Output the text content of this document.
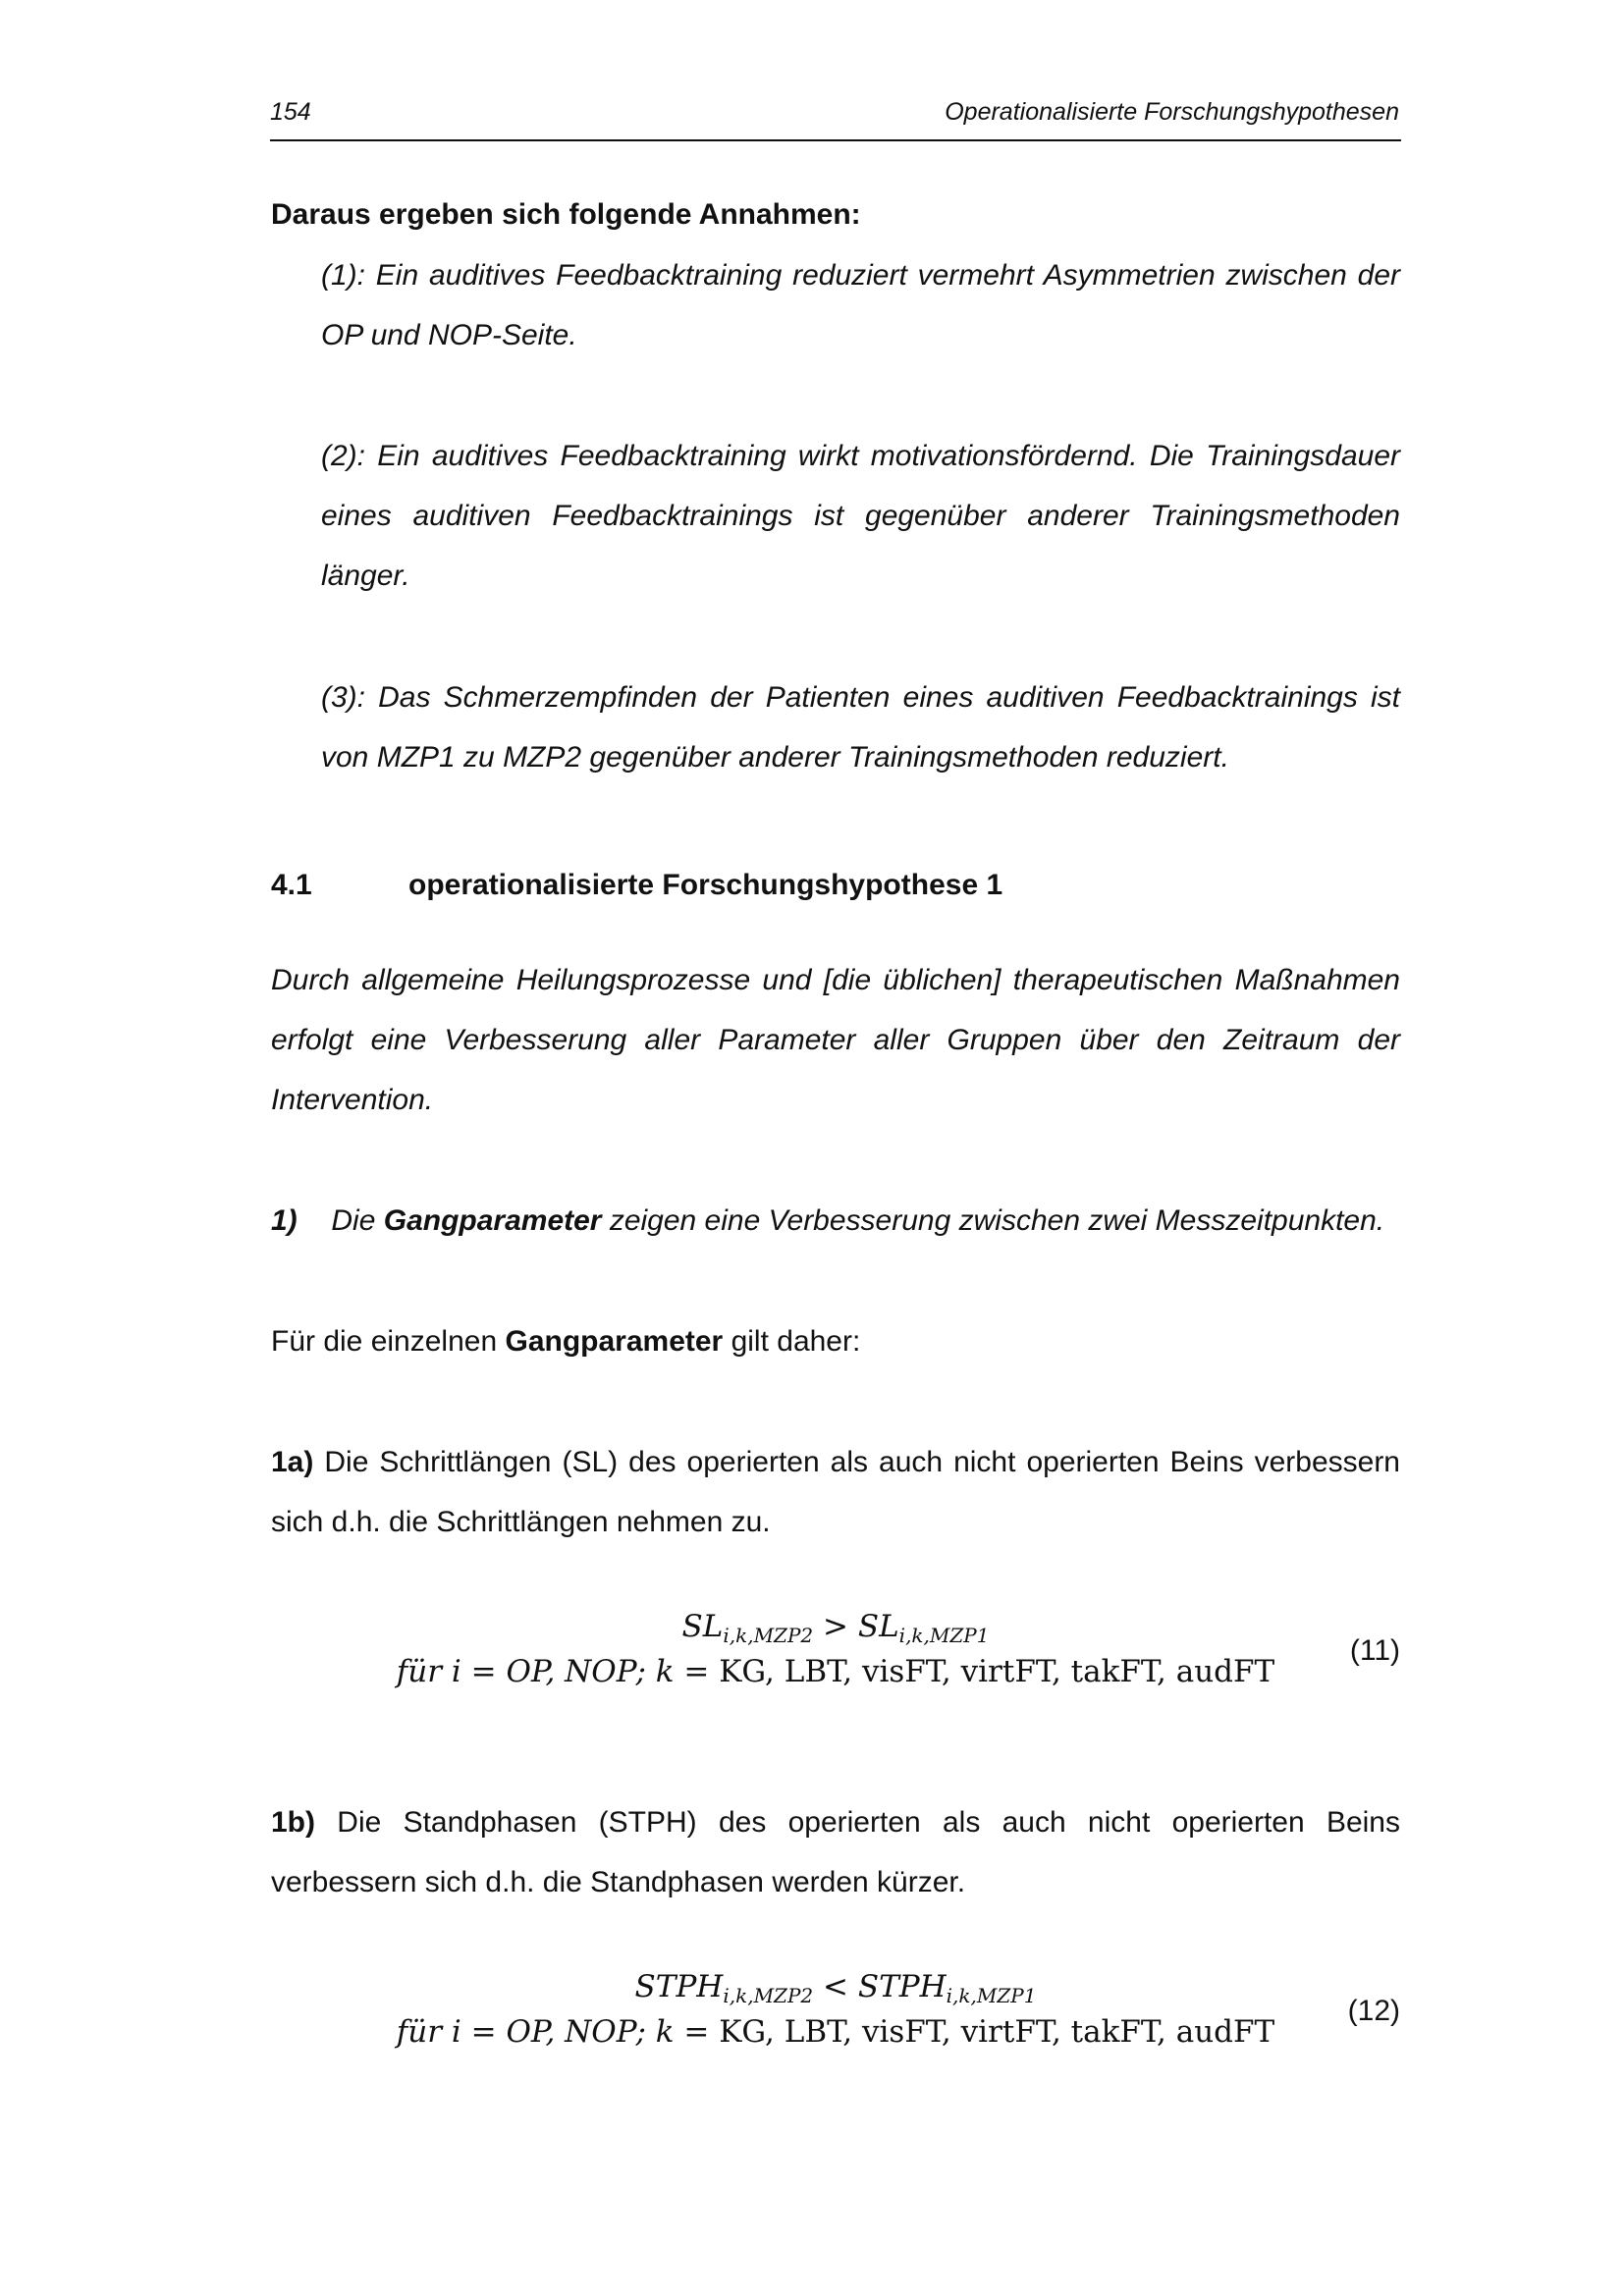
154	Operationalisierte Forschungshypothesen
Daraus ergeben sich folgende Annahmen:
(1): Ein auditives Feedbacktraining reduziert vermehrt Asymmetrien zwischen der OP und NOP-Seite.
(2): Ein auditives Feedbacktraining wirkt motivationsfördernd. Die Trainingsdauer eines auditiven Feedbacktrainings ist gegenüber anderer Trainingsmethoden länger.
(3): Das Schmerzempfinden der Patienten eines auditiven Feedbacktrainings ist von MZP1 zu MZP2 gegenüber anderer Trainingsmethoden reduziert.
4.1	operationalisierte Forschungshypothese 1
Durch allgemeine Heilungsprozesse und [die üblichen] therapeutischen Maßnahmen erfolgt eine Verbesserung aller Parameter aller Gruppen über den Zeitraum der Intervention.
1) Die Gangparameter zeigen eine Verbesserung zwischen zwei Messzeitpunkten.
Für die einzelnen Gangparameter gilt daher:
1a) Die Schrittlängen (SL) des operierten als auch nicht operierten Beins verbessern sich d.h. die Schrittlängen nehmen zu.
$SL_{i,k,MZP2} > SL_{i,k,MZP1}$
für i = OP, NOP; k = KG, LBT, visFT, virtFT, takFT, audFT
(11)
1b) Die Standphasen (STPH) des operierten als auch nicht operierten Beins verbessern sich d.h. die Standphasen werden kürzer.
$STPH_{i,k,MZP2}$ < $STPH_{i,k,MZP1}$
für i = OP, NOP; k = KG, LBT, visFT, virtFT, takFT, audFT
(12)
